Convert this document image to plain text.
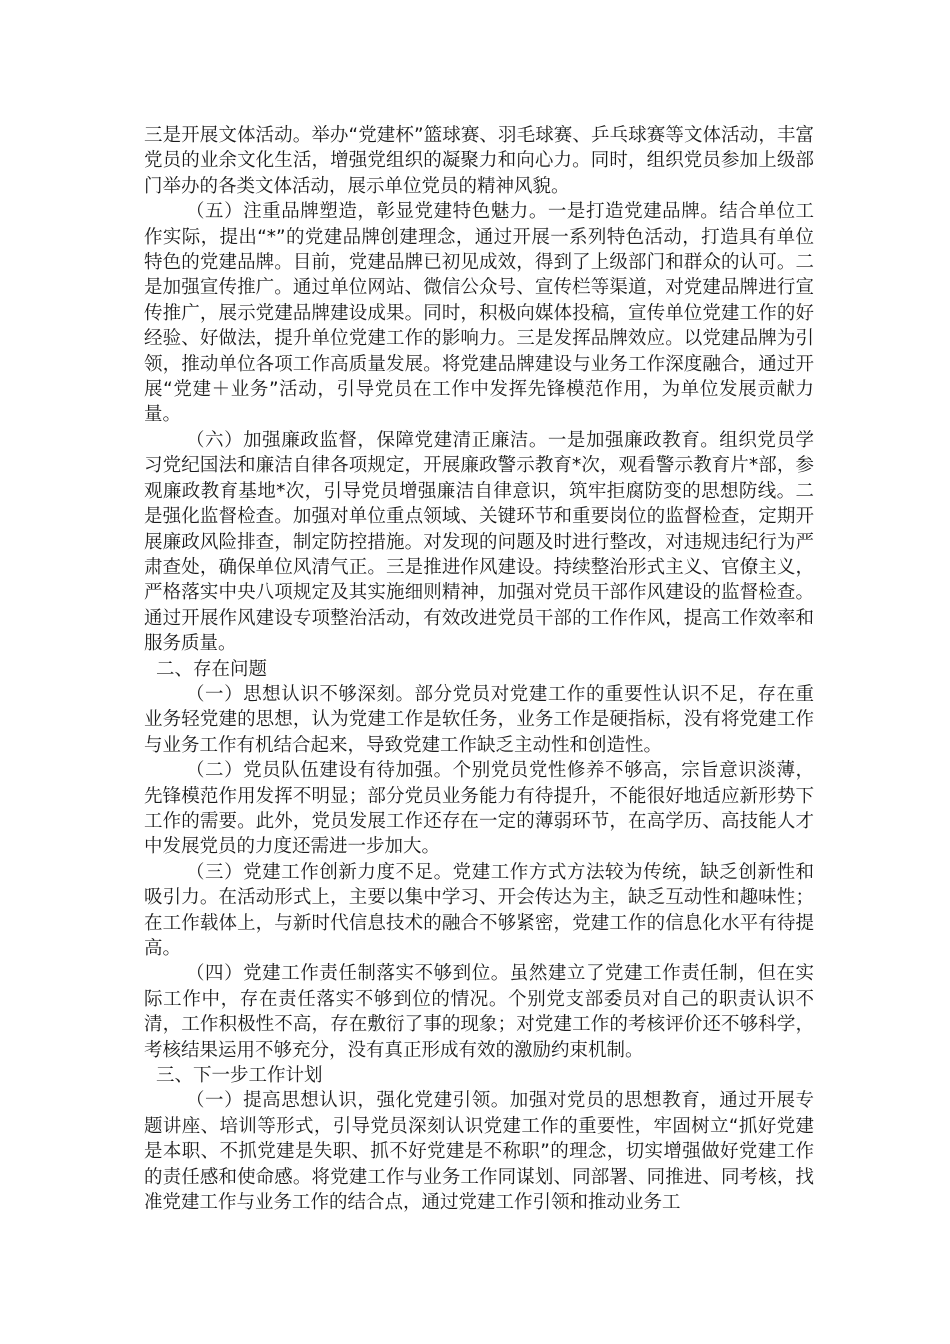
三是开展文体活动。举办“党建杯”篮球赛、羽毛球赛、乒乓球赛等文体活动，丰富党员的业余文化生活，增强党组织的凝聚力和向心力。同时，组织党员参加上级部门举办的各类文体活动，展示单位党员的精神风貌。

（五）注重品牌塑造，彰显党建特色魅力。一是打造党建品牌。结合单位工作实际，提出“*”的党建品牌创建理念，通过开展一系列特色活动，打造具有单位特色的党建品牌。目前，党建品牌已初见成效，得到了上级部门和群众的认可。二是加强宣传推广。通过单位网站、微信公众号、宣传栏等渠道，对党建品牌进行宣传推广，展示党建品牌建设成果。同时，积极向媒体投稿，宣传单位党建工作的好经验、好做法，提升单位党建工作的影响力。三是发挥品牌效应。以党建品牌为引领，推动单位各项工作高质量发展。将党建品牌建设与业务工作深度融合，通过开展“党建＋业务”活动，引导党员在工作中发挥先锋模范作用，为单位发展贡献力量。

（六）加强廉政监督，保障党建清正廉洁。一是加强廉政教育。组织党员学习党纪国法和廉洁自律各项规定，开展廉政警示教育*次，观看警示教育片*部，参观廉政教育基地*次，引导党员增强廉洁自律意识，筑牢拒腐防变的思想防线。二是强化监督检查。加强对单位重点领域、关键环节和重要岗位的监督检查，定期开展廉政风险排查，制定防控措施。对发现的问题及时进行整改，对违规违纪行为严肃查处，确保单位风清气正。三是推进作风建设。持续整治形式主义、官僚主义，严格落实中央八项规定及其实施细则精神，加强对党员干部作风建设的监督检查。通过开展作风建设专项整治活动，有效改进党员干部的工作作风，提高工作效率和服务质量。

二、存在问题

（一）思想认识不够深刻。部分党员对党建工作的重要性认识不足，存在重业务轻党建的思想，认为党建工作是软任务，业务工作是硬指标，没有将党建工作与业务工作有机结合起来，导致党建工作缺乏主动性和创造性。

（二）党员队伍建设有待加强。个别党员党性修养不够高，宗旨意识淡薄，先锋模范作用发挥不明显；部分党员业务能力有待提升，不能很好地适应新形势下工作的需要。此外，党员发展工作还存在一定的薄弱环节，在高学历、高技能人才中发展党员的力度还需进一步加大。

（三）党建工作创新力度不足。党建工作方式方法较为传统，缺乏创新性和吸引力。在活动形式上，主要以集中学习、开会传达为主，缺乏互动性和趣味性；在工作载体上，与新时代信息技术的融合不够紧密，党建工作的信息化水平有待提高。

（四）党建工作责任制落实不够到位。虽然建立了党建工作责任制，但在实际工作中，存在责任落实不够到位的情况。个别党支部委员对自己的职责认识不清，工作积极性不高，存在敷衍了事的现象；对党建工作的考核评价还不够科学，考核结果运用不够充分，没有真正形成有效的激励约束机制。

三、下一步工作计划

（一）提高思想认识，强化党建引领。加强对党员的思想教育，通过开展专题讲座、培训等形式，引导党员深刻认识党建工作的重要性，牢固树立“抓好党建是本职、不抓党建是失职、抓不好党建是不称职”的理念，切实增强做好党建工作的责任感和使命感。将党建工作与业务工作同谋划、同部署、同推进、同考核，找准党建工作与业务工作的结合点，通过党建工作引领和推动业务工
